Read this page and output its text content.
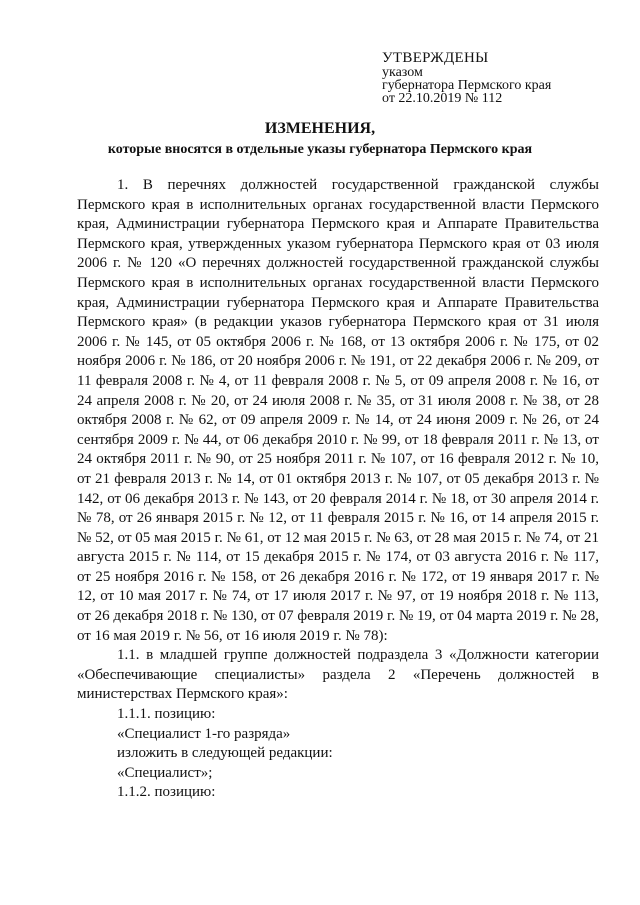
УТВЕРЖДЕНЫ
указом
губернатора Пермского края
от 22.10.2019 № 112
ИЗМЕНЕНИЯ,
которые вносятся в отдельные указы губернатора Пермского края

1. В перечнях должностей государственной гражданской службы Пермского края в исполнительных органах государственной власти Пермского края, Администрации губернатора Пермского края и Аппарате Правительства Пермского края, утвержденных указом губернатора Пермского края от 03 июля 2006 г. № 120 «О перечнях должностей государственной гражданской службы Пермского края в исполнительных органах государственной власти Пермского края, Администрации губернатора Пермского края и Аппарате Правительства Пермского края» (в редакции указов губернатора Пермского края от 31 июля 2006 г. № 145, от 05 октября 2006 г. № 168, от 13 октября 2006 г. № 175, от 02 ноября 2006 г. № 186, от 20 ноября 2006 г. № 191, от 22 декабря 2006 г. № 209, от 11 февраля 2008 г. № 4, от 11 февраля 2008 г. № 5, от 09 апреля 2008 г. № 16, от 24 апреля 2008 г. № 20, от 24 июля 2008 г. № 35, от 31 июля 2008 г. № 38, от 28 октября 2008 г. № 62, от 09 апреля 2009 г. № 14, от 24 июня 2009 г. № 26, от 24 сентября 2009 г. № 44, от 06 декабря 2010 г. № 99, от 18 февраля 2011 г. № 13, от 24 октября 2011 г. № 90, от 25 ноября 2011 г. № 107, от 16 февраля 2012 г. № 10, от 21 февраля 2013 г. № 14, от 01 октября 2013 г. № 107, от 05 декабря 2013 г. № 142, от 06 декабря 2013 г. № 143, от 20 февраля 2014 г. № 18, от 30 апреля 2014 г. № 78, от 26 января 2015 г. № 12, от 11 февраля 2015 г. № 16, от 14 апреля 2015 г. № 52, от 05 мая 2015 г. № 61, от 12 мая 2015 г. № 63, от 28 мая 2015 г. № 74, от 21 августа 2015 г. № 114, от 15 декабря 2015 г. № 174, от 03 августа 2016 г. № 117, от 25 ноября 2016 г. № 158, от 26 декабря 2016 г. № 172, от 19 января 2017 г. № 12, от 10 мая 2017 г. № 74, от 17 июля 2017 г. № 97, от 19 ноября 2018 г. № 113, от 26 декабря 2018 г. № 130, от 07 февраля 2019 г. № 19, от 04 марта 2019 г. № 28, от 16 мая 2019 г. № 56, от 16 июля 2019 г. № 78):

1.1. в младшей группе должностей подраздела 3 «Должности категории «Обеспечивающие специалисты» раздела 2 «Перечень должностей в министерствах Пермского края»:

1.1.1. позицию:

«Специалист 1-го разряда»

изложить в следующей редакции:

«Специалист»;

1.1.2. позицию:
